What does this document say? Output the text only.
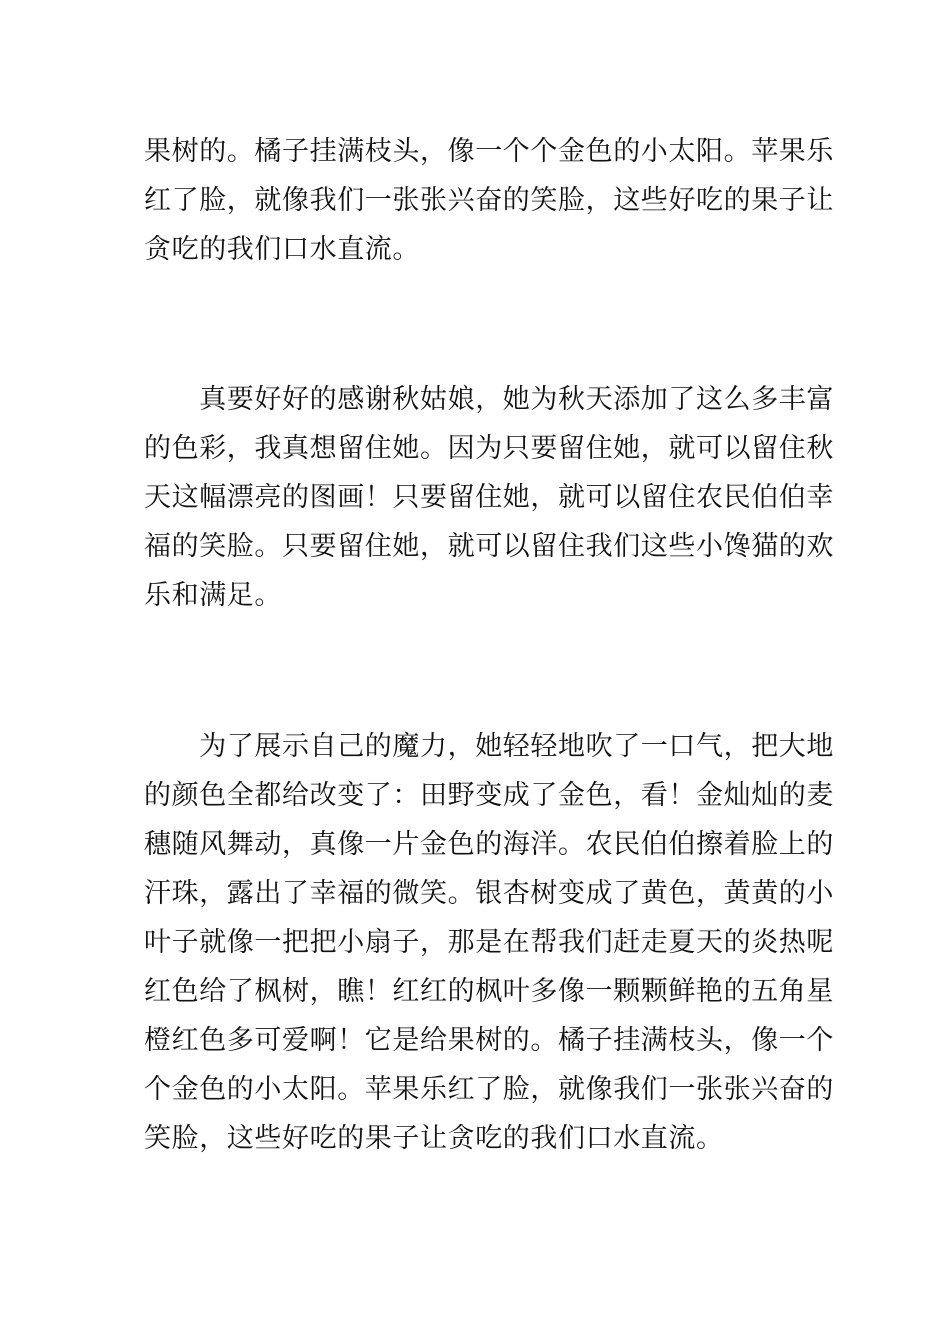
果树的。橘子挂满枝头，像一个个金色的小太阳。苹果乐
红了脸，就像我们一张张兴奋的笑脸，这些好吃的果子让
贪吃的我们口水直流。

　　真要好好的感谢秋姑娘，她为秋天添加了这么多丰富
的色彩，我真想留住她。因为只要留住她，就可以留住秋
天这幅漂亮的图画！只要留住她，就可以留住农民伯伯幸
福的笑脸。只要留住她，就可以留住我们这些小馋猫的欢
乐和满足。

　　为了展示自己的魔力，她轻轻地吹了一口气，把大地
的颜色全都给改变了：田野变成了金色，看！金灿灿的麦
穗随风舞动，真像一片金色的海洋。农民伯伯擦着脸上的
汗珠，露出了幸福的微笑。银杏树变成了黄色，黄黄的小
叶子就像一把把小扇子，那是在帮我们赶走夏天的炎热呢
红色给了枫树，瞧！红红的枫叶多像一颗颗鲜艳的五角星
橙红色多可爱啊！它是给果树的。橘子挂满枝头，像一个
个金色的小太阳。苹果乐红了脸，就像我们一张张兴奋的
笑脸，这些好吃的果子让贪吃的我们口水直流。
